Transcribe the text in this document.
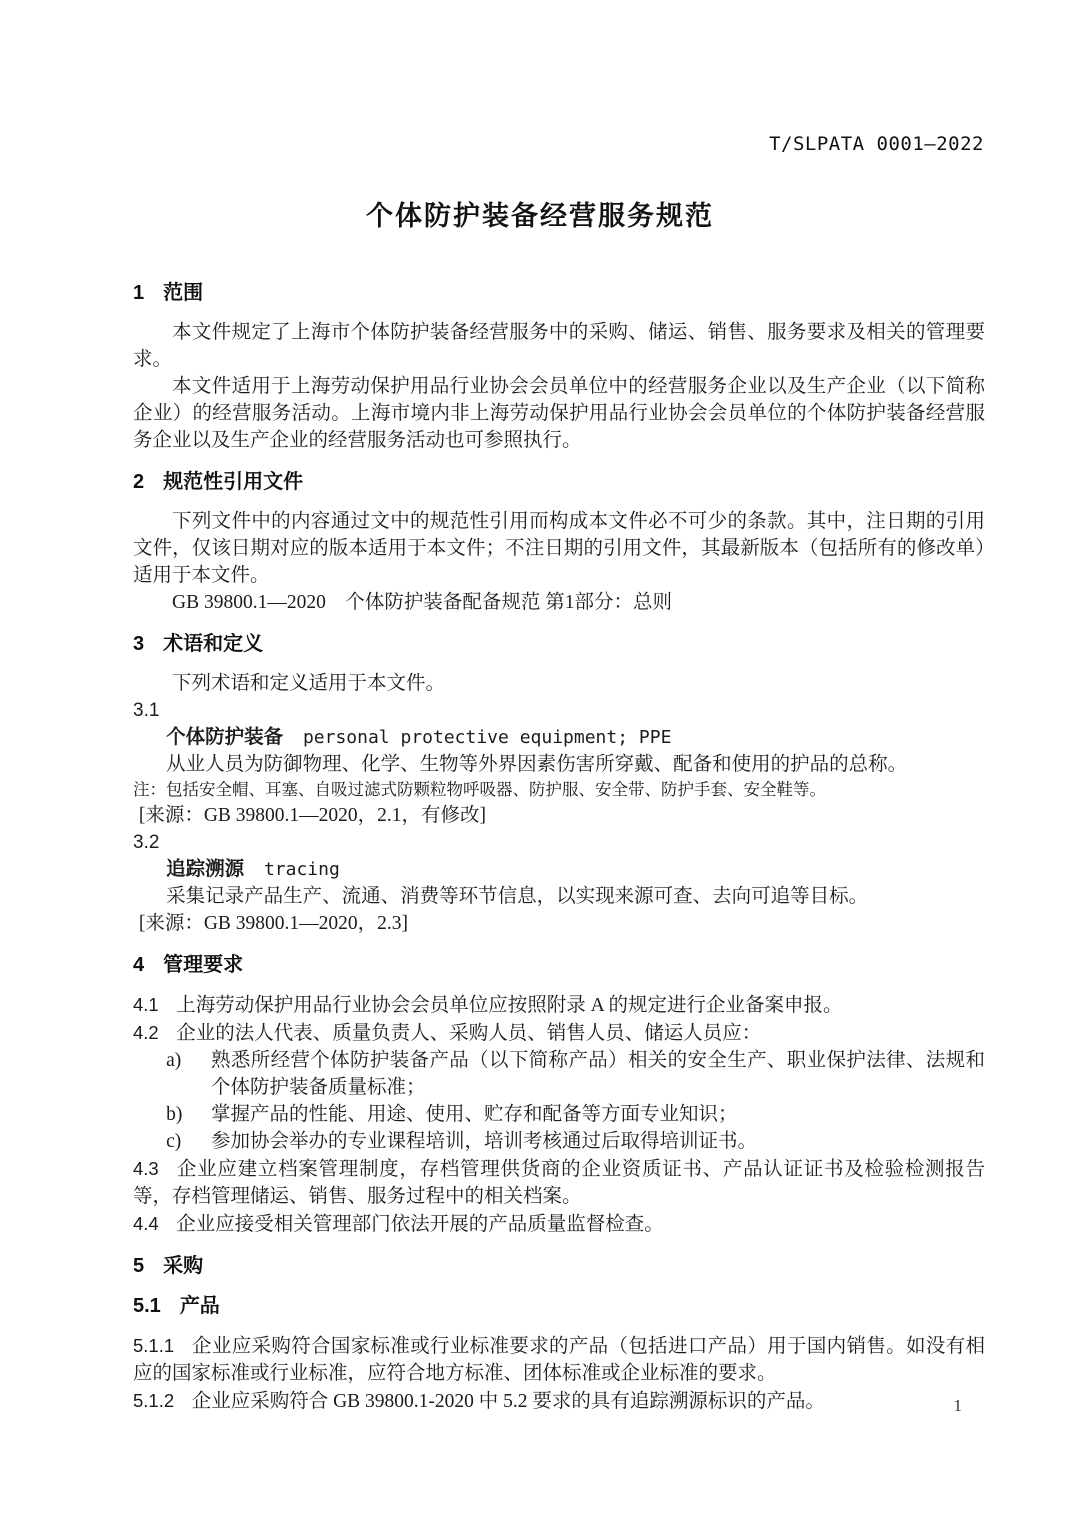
T/SLPATA 0001—2022
个体防护装备经营服务规范
1 范围
本文件规定了上海市个体防护装备经营服务中的采购、储运、销售、服务要求及相关的管理要求。
本文件适用于上海劳动保护用品行业协会会员单位中的经营服务企业以及生产企业（以下简称企业）的经营服务活动。上海市境内非上海劳动保护用品行业协会会员单位的个体防护装备经营服务企业以及生产企业的经营服务活动也可参照执行。
2 规范性引用文件
下列文件中的内容通过文中的规范性引用而构成本文件必不可少的条款。其中，注日期的引用文件，仅该日期对应的版本适用于本文件；不注日期的引用文件，其最新版本（包括所有的修改单）适用于本文件。
GB 39800.1—2020　个体防护装备配备规范 第1部分：总则
3 术语和定义
下列术语和定义适用于本文件。
3.1
个体防护装备 personal protective equipment; PPE
从业人员为防御物理、化学、生物等外界因素伤害所穿戴、配备和使用的护品的总称。
注：包括安全帽、耳塞、自吸过滤式防颗粒物呼吸器、防护服、安全带、防护手套、安全鞋等。
[来源：GB 39800.1—2020，2.1，有修改]
3.2
追踪溯源 tracing
采集记录产品生产、流通、消费等环节信息，以实现来源可查、去向可追等目标。
[来源：GB 39800.1—2020，2.3]
4 管理要求
4.1 上海劳动保护用品行业协会会员单位应按照附录 A 的规定进行企业备案申报。
4.2 企业的法人代表、质量负责人、采购人员、销售人员、储运人员应：
a) 熟悉所经营个体防护装备产品（以下简称产品）相关的安全生产、职业保护法律、法规和个体防护装备质量标准；
b) 掌握产品的性能、用途、使用、贮存和配备等方面专业知识；
c) 参加协会举办的专业课程培训，培训考核通过后取得培训证书。
4.3 企业应建立档案管理制度，存档管理供货商的企业资质证书、产品认证证书及检验检测报告等，存档管理储运、销售、服务过程中的相关档案。
4.4 企业应接受相关管理部门依法开展的产品质量监督检查。
5 采购
5.1 产品
5.1.1 企业应采购符合国家标准或行业标准要求的产品（包括进口产品）用于国内销售。如没有相应的国家标准或行业标准，应符合地方标准、团体标准或企业标准的要求。
5.1.2 企业应采购符合 GB 39800.1-2020 中 5.2 要求的具有追踪溯源标识的产品。	1
